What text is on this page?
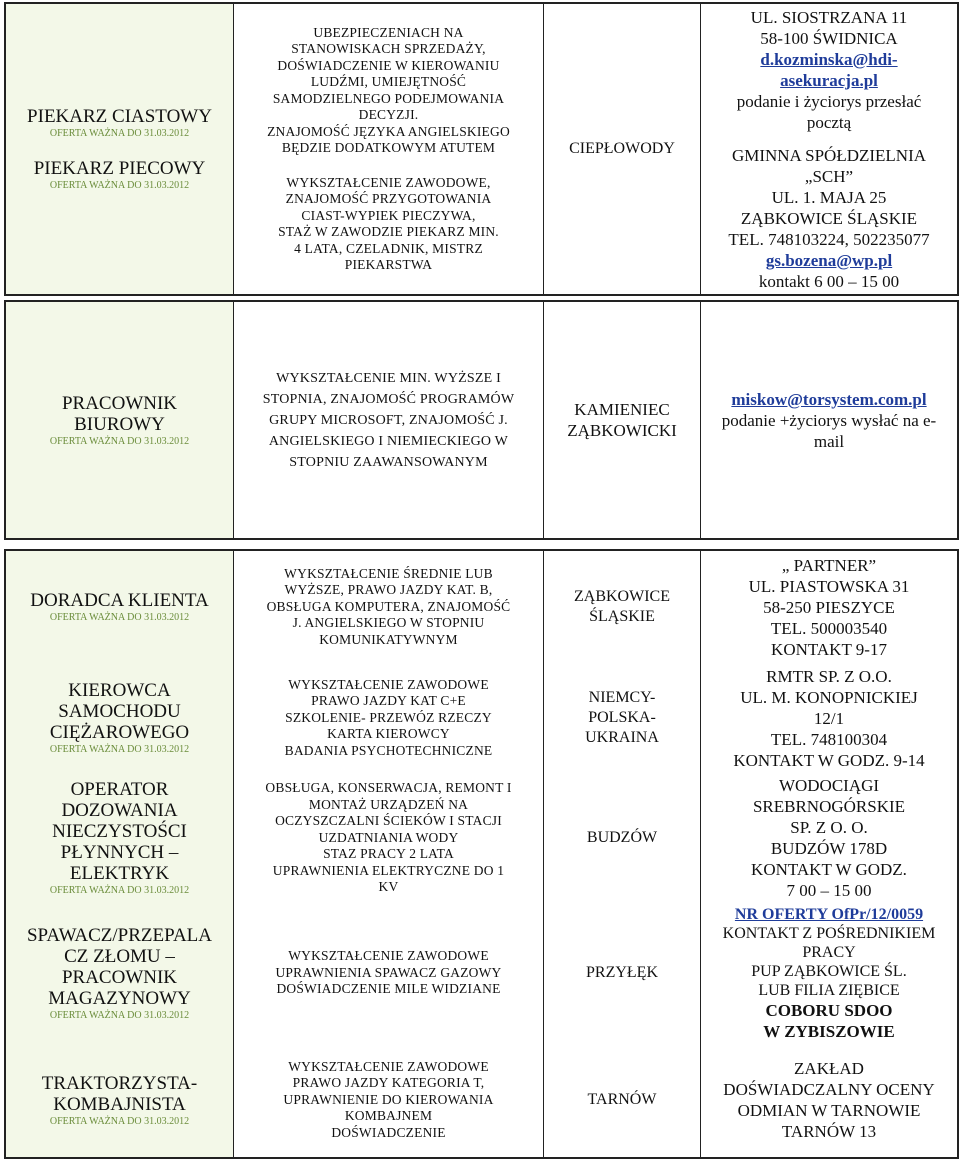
PIEKARZ CIASTOWY
OFERTA WAŻNA DO 31.03.2012
PIEKARZ PIECOWY
OFERTA WAŻNA DO 31.03.2012
UBEZPIECZENIACH NA
STANOWISKACH SPRZEDAŻY,
DOŚWIADCZENIE W KIEROWANIU
LUDŹMI, UMIEJĘTNOŚĆ
SAMODZIELNEGO PODEJMOWANIA
DECYZJI.
ZNAJOMOŚĆ JĘZYKA ANGIELSKIEGO
BĘDZIE DODATKOWYM ATUTEM
WYKSZTAŁCENIE ZAWODOWE,
ZNAJOMOŚĆ PRZYGOTOWANIA
CIAST-WYPIEK PIECZYWA,
STAŻ W ZAWODZIE PIEKARZ MIN.
4 LATA, CZELADNIK, MISTRZ
PIEKARSTWA
CIEPŁOWODY
UL. SIOSTRZANA 11
58-100 ŚWIDNICA
d.kozminska@hdi-
asekuracja.pl
podanie i życiorys przesłać
pocztą
GMINNA SPÓŁDZIELNIA
„SCH”
UL. 1. MAJA 25
ZĄBKOWICE ŚLĄSKIE
TEL. 748103224, 502235077
gs.bozena@wp.pl
kontakt 6 00 – 15 00
PRACOWNIK
BIUROWY
OFERTA WAŻNA DO 31.03.2012
WYKSZTAŁCENIE MIN. WYŻSZE I
STOPNIA, ZNAJOMOŚĆ PROGRAMÓW
GRUPY MICROSOFT, ZNAJOMOŚĆ J.
ANGIELSKIEGO I NIEMIECKIEGO W
STOPNIU ZAAWANSOWANYM
KAMIENIEC
ZĄBKOWICKI
miskow@torsystem.com.pl
podanie +życiorys wysłać na e-
mail
DORADCA KLIENTA
OFERTA WAŻNA DO 31.03.2012
WYKSZTAŁCENIE ŚREDNIE LUB
WYŻSZE, PRAWO JAZDY KAT. B,
OBSŁUGA KOMPUTERA, ZNAJOMOŚĆ
J. ANGIELSKIEGO W STOPNIU
KOMUNIKATYWNYM
ZĄBKOWICE
ŚLĄSKIE
„ PARTNER”
UL. PIASTOWSKA 31
58-250 PIESZYCE
TEL. 500003540
KONTAKT 9-17
KIEROWCA
SAMOCHODU
CIĘŻAROWEGO
OFERTA WAŻNA DO 31.03.2012
WYKSZTAŁCENIE ZAWODOWE
PRAWO JAZDY KAT C+E
SZKOLENIE- PRZEWÓZ RZECZY
KARTA KIEROWCY
BADANIA PSYCHOTECHNICZNE
NIEMCY-
POLSKA-
UKRAINA
RMTR SP. Z O.O.
UL. M. KONOPNICKIEJ
12/1
TEL. 748100304
KONTAKT W GODZ. 9-14
OPERATOR
DOZOWANIA
NIECZYSTOŚCI
PŁYNNYCH –
ELEKTRYK
OFERTA WAŻNA DO 31.03.2012
OBSŁUGA, KONSERWACJA, REMONT I
MONTAŻ URZĄDZEŃ NA
OCZYSZCZALNI ŚCIEKÓW I STACJI
UZDATNIANIA WODY
STAZ PRACY 2 LATA
UPRAWNIENIA ELEKTRYCZNE DO 1
KV
BUDZÓW
WODOCIĄGI
SREBRNOGÓRSKIE
SP. Z O. O.
BUDZÓW 178D
KONTAKT W GODZ.
7 00 – 15 00
SPAWACZ/PRZEPALA
CZ ZŁOMU –
PRACOWNIK
MAGAZYNOWY
OFERTA WAŻNA DO 31.03.2012
WYKSZTAŁCENIE ZAWODOWE
UPRAWNIENIA SPAWACZ GAZOWY
DOŚWIADCZENIE MILE WIDZIANE
PRZYŁĘK
NR OFERTY OfPr/12/0059
KONTAKT Z POŚREDNIKIEM
PRACY
PUP ZĄBKOWICE ŚL.
LUB FILIA ZIĘBICE
COBORU SDOO
W ZYBISZOWIE
TRAKTORZYSTA-
KOMBAJNISTA
OFERTA WAŻNA DO 31.03.2012
WYKSZTAŁCENIE ZAWODOWE
PRAWO JAZDY KATEGORIA T,
UPRAWNIENIE DO KIEROWANIA
KOMBAJNEM
DOŚWIADCZENIE
TARNÓW
ZAKŁAD
DOŚWIADCZALNY OCENY
ODMIAN W TARNOWIE
TARNÓW 13
